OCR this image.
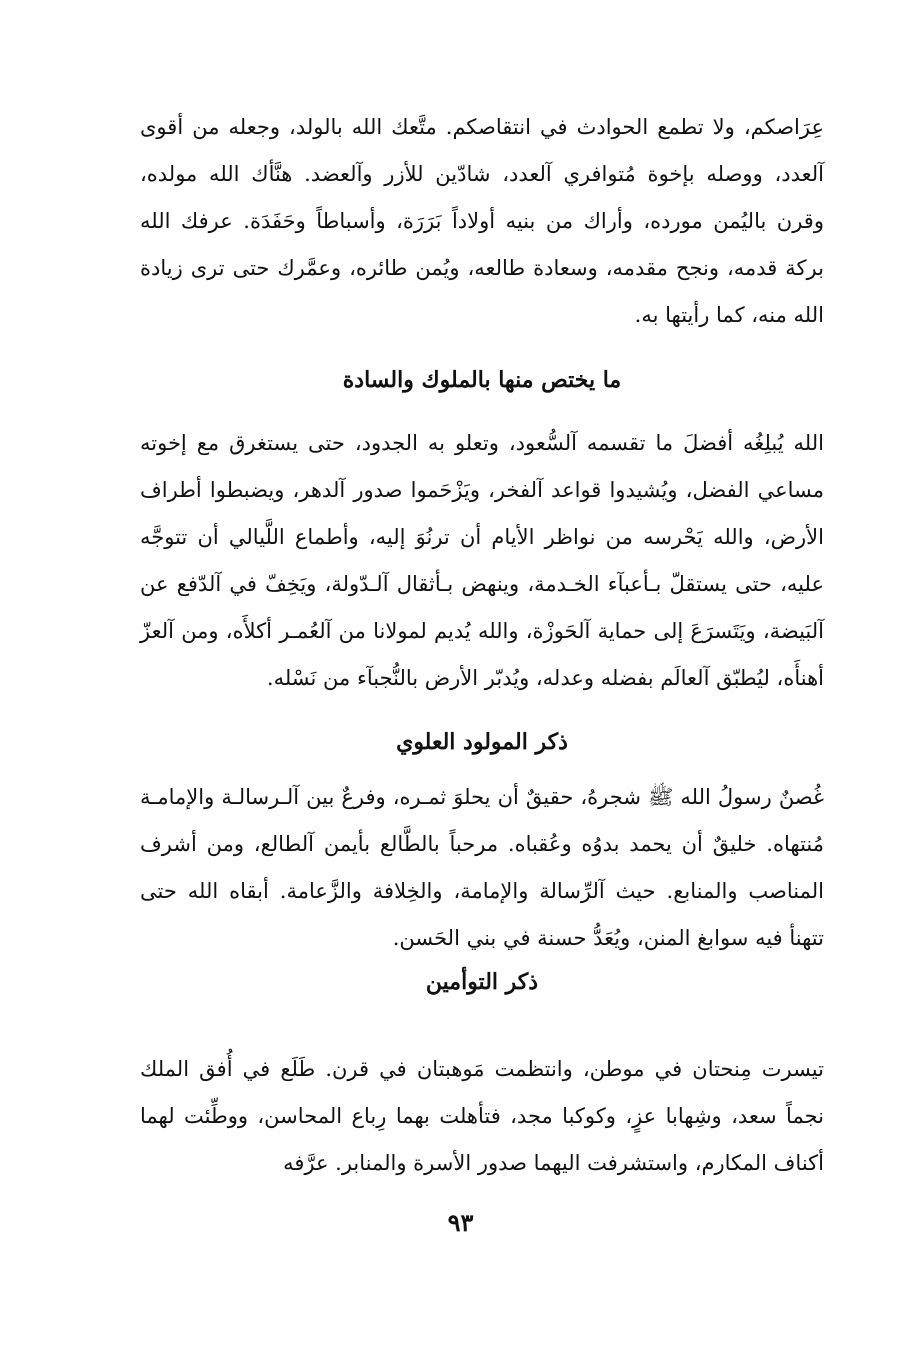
عِرَاصكم، ولا تطمع الحوادث في انتقاصكم. متَّعك الله بالولد، وجعله من أقوى آلعدد، ووصله بإخوة مُتوافري آلعدد، شادّين للأزر وآلعضد. هنَّأك الله مولده، وقرن باليُمن مورده، وأراك من بنيه أولاداً بَرَرَة، وأسباطاً وحَفَدَة. عرفك الله بركة قدمه، ونجح مقدمه، وسعادة طالعه، ويُمن طائره، وعمَّرك حتى ترى زيادة الله منه، كما رأيتها به.

ما يختص منها بالملوك والسادة

الله يُبلِغُه أفضلَ ما تقسمه آلسُّعود، وتعلو به الجدود، حتى يستغرق مع إخوته مساعي الفضل، ويُشيدوا قواعد آلفخر، ويَزْحَموا صدور آلدهر، ويضبطوا أطراف الأرض، والله يَحْرسه من نواظر الأيام أن ترنُوَ إليه، وأطماع اللَّيالي أن تتوجَّه عليه، حتى يستقلّ بـأعبآء الخـدمة، وينهض بـأثقال آلـدّولة، ويَخِفّ في آلدّفع عن آلبَيضة، ويَتَسرَعَ إلى حماية آلحَوزْة، والله يُديم لمولانا من آلعُمـر أكلأَه، ومن آلعزّ أهنأَه، ليُطبّق آلعالَم بفضله وعدله، ويُدبّر الأرض بالنُّجبآء من نَسْله.

ذكر المولود العلوي

غُصنٌ رسولُ الله ﷺ شجرهُ، حقيقٌ أن يحلوَ ثمـره، وفرعٌ بين آلـرسالـة والإمامـة مُنتهاه. خليقٌ أن يحمد بدوُه وعُقباه. مرحباً بالطَّالع بأيمن آلطالع، ومن أشرف المناصب والمنابع. حيث آلرِّسالة والإمامة، والخِلافة والزَّعامة. أبقاه الله حتى تتهنأ فيه سوابغ المنن، ويُعَدُّ حسنة في بني الحَسن.

ذكر التوأمين

تيسرت مِنحتان في موطن، وانتظمت مَوهبتان في قرن. طَلَع في أُفق الملك نجماً سعد، وشِهابا عزٍ، وكوكبا مجد، فتأهلت بهما رِباع المحاسن، ووطِّئت لهما أكناف المكارم، واستشرفت اليهما صدور الأسرة والمنابر. عرَّفه

٩٣
